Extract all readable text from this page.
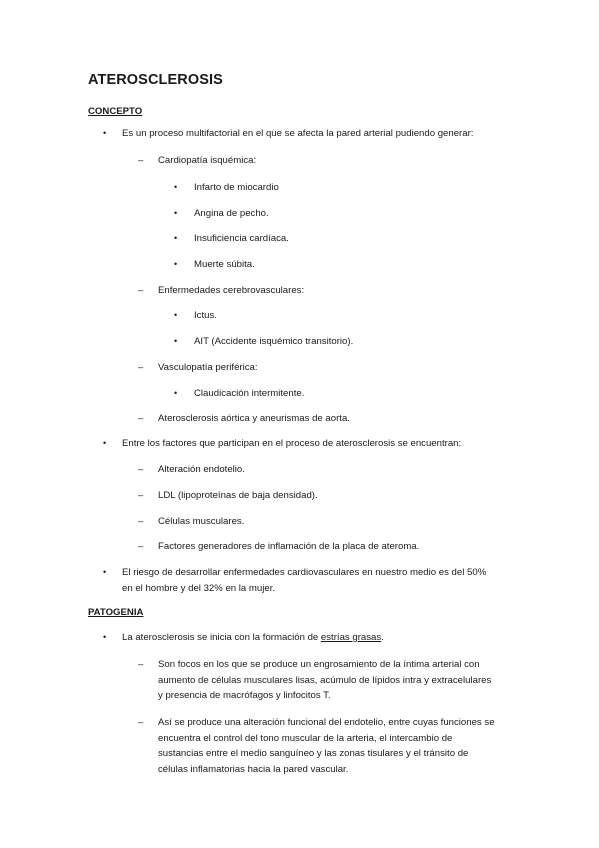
ATEROSCLEROSIS
CONCEPTO
• Es un proceso multifactorial en el que se afecta la pared arterial pudiendo generar:
– Cardiopatía isquémica:
• Infarto de miocardio
• Angina de pecho.
• Insuficiencia cardíaca.
• Muerte súbita.
– Enfermedades cerebrovasculares:
• Ictus.
• AIT (Accidente isquémico transitorio).
– Vasculopatía periférica:
• Claudicación intermitente.
– Aterosclerosis aórtica y aneurismas de aorta.
• Entre los factores que participan en el proceso de aterosclerosis se encuentran:
– Alteración endotelio.
– LDL (lipoproteínas de baja densidad).
– Células musculares.
– Factores generadores de inflamación de la placa de ateroma.
• El riesgo de desarrollar enfermedades cardiovasculares en nuestro medio es del 50%
en el hombre y del 32% en la mujer.
PATOGENIA
• La aterosclerosis se inicia con la formación de estrías grasas.
– Son focos en los que se produce un engrosamiento de la íntima arterial con
aumento de células musculares lisas, acúmulo de lípidos intra y extracelulares
y presencia de macrófagos y linfocitos T.
– Así se produce una alteración funcional del endotelio, entre cuyas funciones se
encuentra el control del tono muscular de la arteria, el intercambio de
sustancias entre el medio sanguíneo y las zonas tisulares y el tránsito de
células inflamatorias hacia la pared vascular.
